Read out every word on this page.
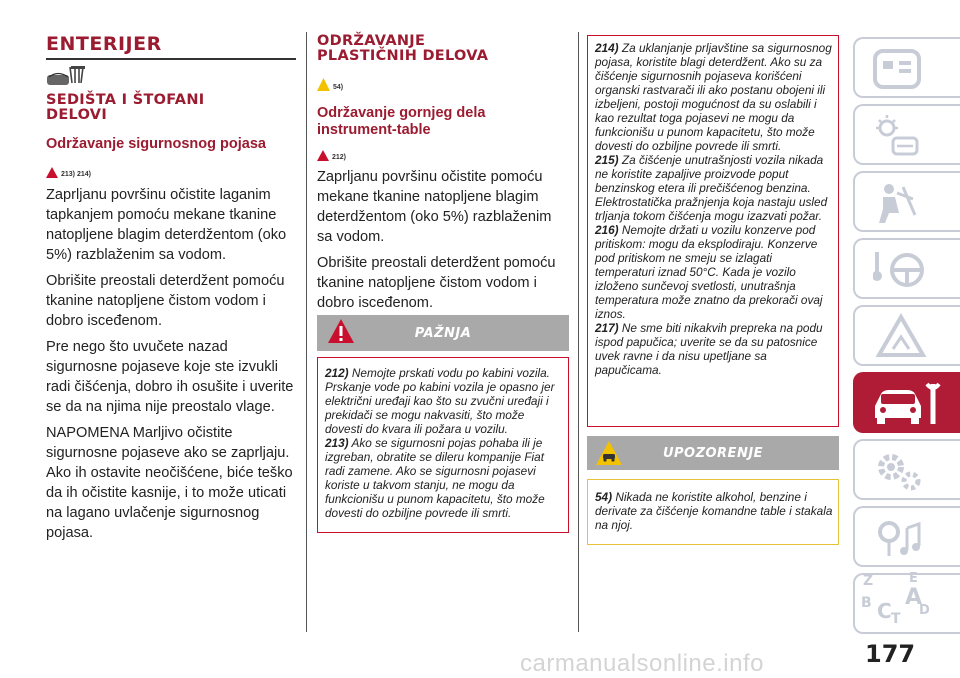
ENTERIJER
SEDIŠTA I ŠTOFANI
DELOVI
Održavanje sigurnosnog pojasa
213) 214)

Zaprljanu površinu očistite laganim tapkanjem pomoću mekane tkanine natopljene blagim deterdžentom (oko 5%) razblaženim sa vodom.

Obrišite preostali deterdžent pomoću tkanine natopljene čistom vodom i dobro isceđenom.

Pre nego što uvučete nazad sigurnosne pojaseve koje ste izvukli radi čišćenja, dobro ih osušite i uverite se da na njima nije preostalo vlage.

NAPOMENA Marljivo očistite sigurnosne pojaseve ako se zaprljaju. Ako ih ostavite neočišćene, biće teško da ih očistite kasnije, i to može uticati na lagano uvlačenje sigurnosnog pojasa.

ODRŽAVANJE
PLASTIČNIH DELOVA
54)
Održavanje gornjeg dela
instrument-table
212)

Zaprljanu površinu očistite pomoću mekane tkanine natopljene blagim deterdžentom (oko 5%) razblaženim sa vodom.

Obrišite preostali deterdžent pomoću tkanine natopljene čistom vodom i dobro isceđenom.

PAŽNJA
212) Nemojte prskati vodu po kabini vozila. Prskanje vode po kabini vozila je opasno jer električni uređaji kao što su zvučni uređaji i prekidači se mogu nakvasiti, što može dovesti do kvara ili požara u vozilu.
213) Ako se sigurnosni pojas pohaba ili je izgreban, obratite se dileru kompanije Fiat radi zamene. Ako se sigurnosni pojasevi koriste u takvom stanju, ne mogu da funkcionišu u punom kapacitetu, što može dovesti do ozbiljne povrede ili smrti.
214) Za uklanjanje prljavštine sa sigurnosnog pojasa, koristite blagi deterdžent. Ako su za čišćenje sigurnosnih pojaseva korišćeni organski rastvarači ili ako postanu obojeni ili izbeljeni, postoji mogućnost da su oslabili i kao rezultat toga pojasevi ne mogu da funkcionišu u punom kapacitetu, što može dovesti do ozbiljne povrede ili smrti.
215) Za čišćenje unutrašnjosti vozila nikada ne koristite zapaljive proizvode poput benzinskog etera ili prečišćenog benzina. Elektrostatička pražnjenja koja nastaju usled trljanja tokom čišćenja mogu izazvati požar.
216) Nemojte držati u vozilu konzerve pod pritiskom: mogu da eksplodiraju. Konzerve pod pritiskom ne smeju se izlagati temperaturi iznad 50°C. Kada je vozilo izloženo sunčevoj svetlosti, unutrašnja temperatura može znatno da prekorači ovaj iznos.
217) Ne sme biti nikakvih prepreka na podu ispod papučica; uverite se da su patosnice uvek ravne i da nisu upetljane sa papučicama.
UPOZORENJE
54) Nikada ne koristite alkohol, benzine i derivate za čišćenje komandne table i stakala na njoj.
Z	E
B A
C T
D
177
carmanualsonline.info
